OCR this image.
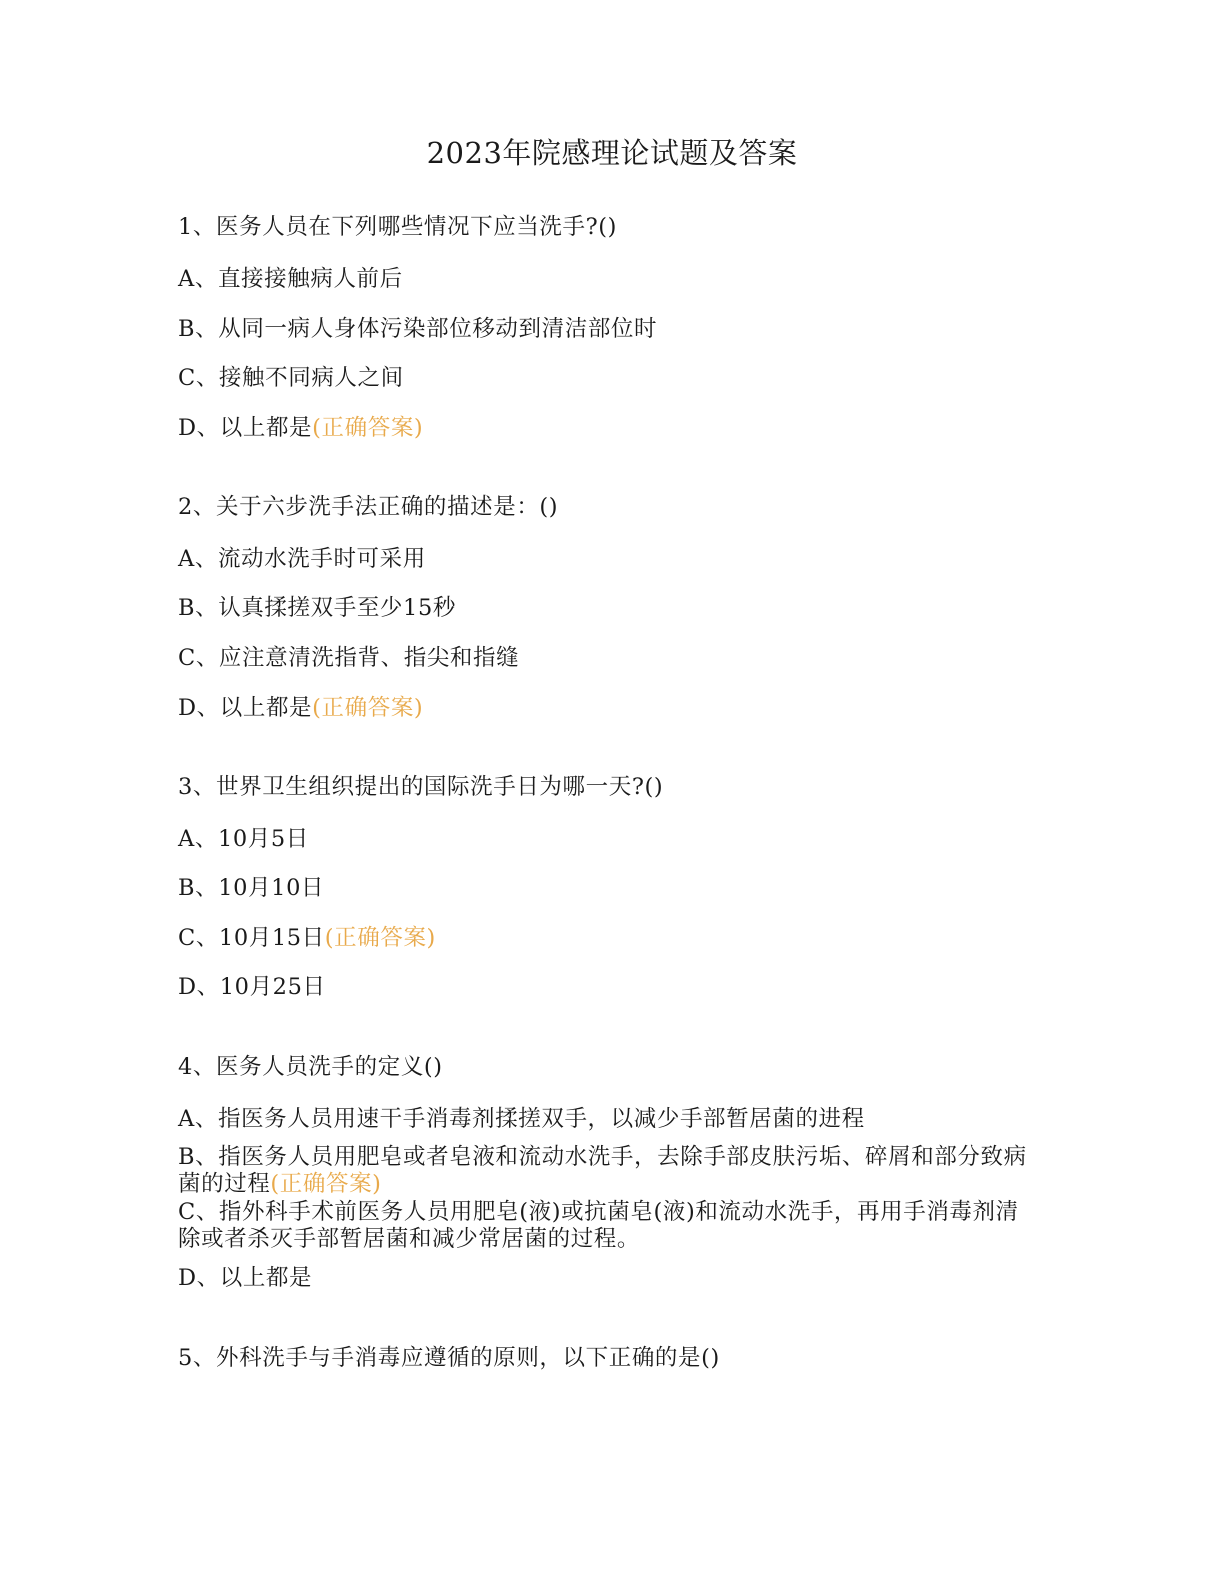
2023年院感理论试题及答案
1、医务人员在下列哪些情况下应当洗手?()
A、直接接触病人前后
B、从同一病人身体污染部位移动到清洁部位时
C、接触不同病人之间
D、以上都是(正确答案)
2、关于六步洗手法正确的描述是：()
A、流动水洗手时可采用
B、认真揉搓双手至少15秒
C、应注意清洗指背、指尖和指缝
D、以上都是(正确答案)
3、世界卫生组织提出的国际洗手日为哪一天?()
A、10月5日
B、10月10日
C、10月15日(正确答案)
D、10月25日
4、医务人员洗手的定义()
A、指医务人员用速干手消毒剂揉搓双手，以减少手部暂居菌的进程
B、指医务人员用肥皂或者皂液和流动水洗手，去除手部皮肤污垢、碎屑和部分致病菌的过程(正确答案)
C、指外科手术前医务人员用肥皂(液)或抗菌皂(液)和流动水洗手，再用手消毒剂清除或者杀灭手部暂居菌和减少常居菌的过程。
D、以上都是
5、外科洗手与手消毒应遵循的原则，以下正确的是()
